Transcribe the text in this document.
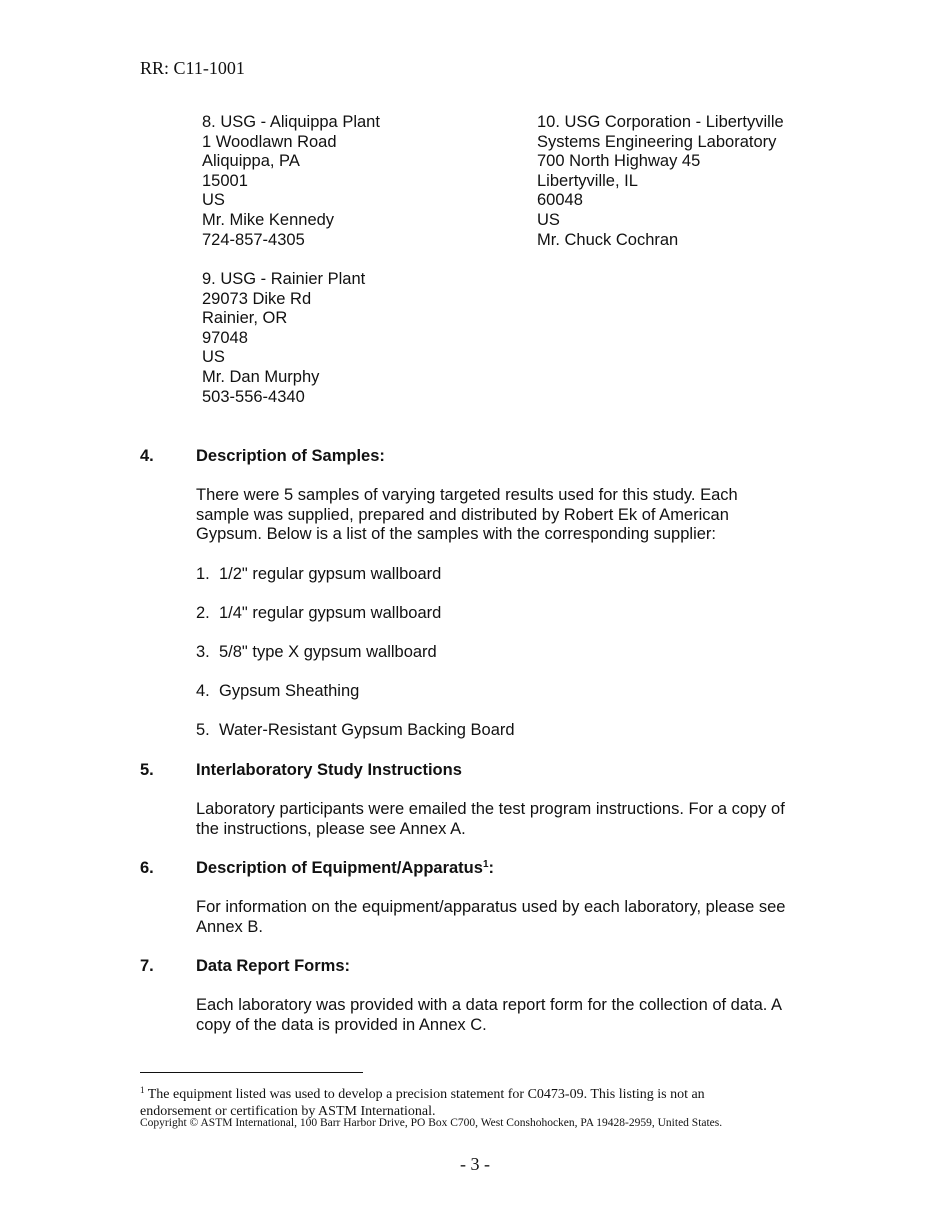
RR: C11-1001
8. USG - Aliquippa Plant
1 Woodlawn Road
Aliquippa, PA
15001
US
Mr. Mike Kennedy
724-857-4305
10. USG Corporation - Libertyville
Systems Engineering Laboratory
700 North Highway 45
Libertyville, IL
60048
US
Mr. Chuck Cochran
9. USG - Rainier Plant
29073 Dike Rd
Rainier, OR
97048
US
Mr. Dan Murphy
503-556-4340
4.	Description of Samples:
There were 5 samples of varying targeted results used for this study. Each
sample was supplied, prepared and distributed by Robert Ek of American
Gypsum. Below is a list of the samples with the corresponding supplier:
1. 1/2" regular gypsum wallboard
2. 1/4" regular gypsum wallboard
3. 5/8" type X gypsum wallboard
4. Gypsum Sheathing
5. Water-Resistant Gypsum Backing Board
5.	Interlaboratory Study Instructions
Laboratory participants were emailed the test program instructions. For a copy of
the instructions, please see Annex A.
6.	Description of Equipment/Apparatus$^1$:
For information on the equipment/apparatus used by each laboratory, please see
Annex B.
7.	Data Report Forms:
Each laboratory was provided with a data report form for the collection of data. A
copy of the data is provided in Annex C.
$^1$ The equipment listed was used to develop a precision statement for C0473-09. This listing is not an
endorsement or certification by ASTM International.
Copyright © ASTM International, 100 Barr Harbor Drive, PO Box C700, West Conshohocken, PA 19428-2959, United States.
- 3 -
